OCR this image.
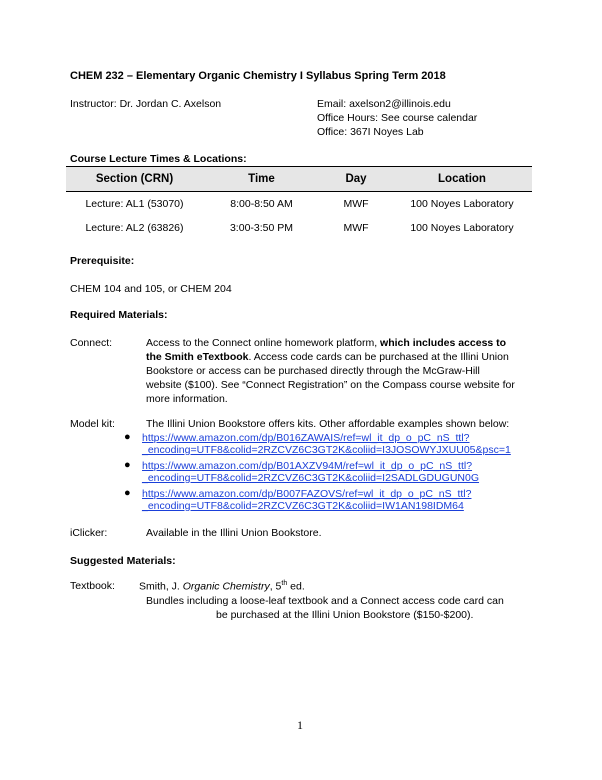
CHEM 232 – Elementary Organic Chemistry I Syllabus Spring Term 2018
Instructor: Dr. Jordan C. Axelson	Email: axelson2@illinois.edu
Office Hours: See course calendar
Office: 367I Noyes Lab
Course Lecture Times & Locations:
Section (CRN)	Time	Day	Location
Lecture: AL1 (53070)	8:00-8:50 AM	MWF	100 Noyes Laboratory
Lecture: AL2 (63826)	3:00-3:50 PM	MWF	100 Noyes Laboratory
Prerequisite:
CHEM 104 and 105, or CHEM 204
Required Materials:
Connect:	Access to the Connect online homework platform, which includes access to
the Smith eTextbook. Access code cards can be purchased at the Illini Union
Bookstore or access can be purchased directly through the McGraw-Hill
website ($100). See “Connect Registration” on the Compass course website for
more information.
Model kit:	The Illini Union Bookstore offers kits. Other affordable examples shown below:
● https://www.amazon.com/dp/B016ZAWAIS/ref=wl_it_dp_o_pC_nS_ttl?
_encoding=UTF8&colid=2RZCVZ6C3GT2K&coliid=I3JOSOWYJXUU05&psc=1
● https://www.amazon.com/dp/B01AXZV94M/ref=wl_it_dp_o_pC_nS_ttl?
_encoding=UTF8&colid=2RZCVZ6C3GT2K&coliid=I2SADLGDUGUN0G
● https://www.amazon.com/dp/B007FAZOVS/ref=wl_it_dp_o_pC_nS_ttl?
_encoding=UTF8&colid=2RZCVZ6C3GT2K&coliid=IW1AN198IDM64
iClicker:	Available in the Illini Union Bookstore.
Suggested Materials:
Textbook: Smith, J. Organic Chemistry, 5th ed.
Bundles including a loose-leaf textbook and a Connect access code card can
be purchased at the Illini Union Bookstore ($150-$200).
1
